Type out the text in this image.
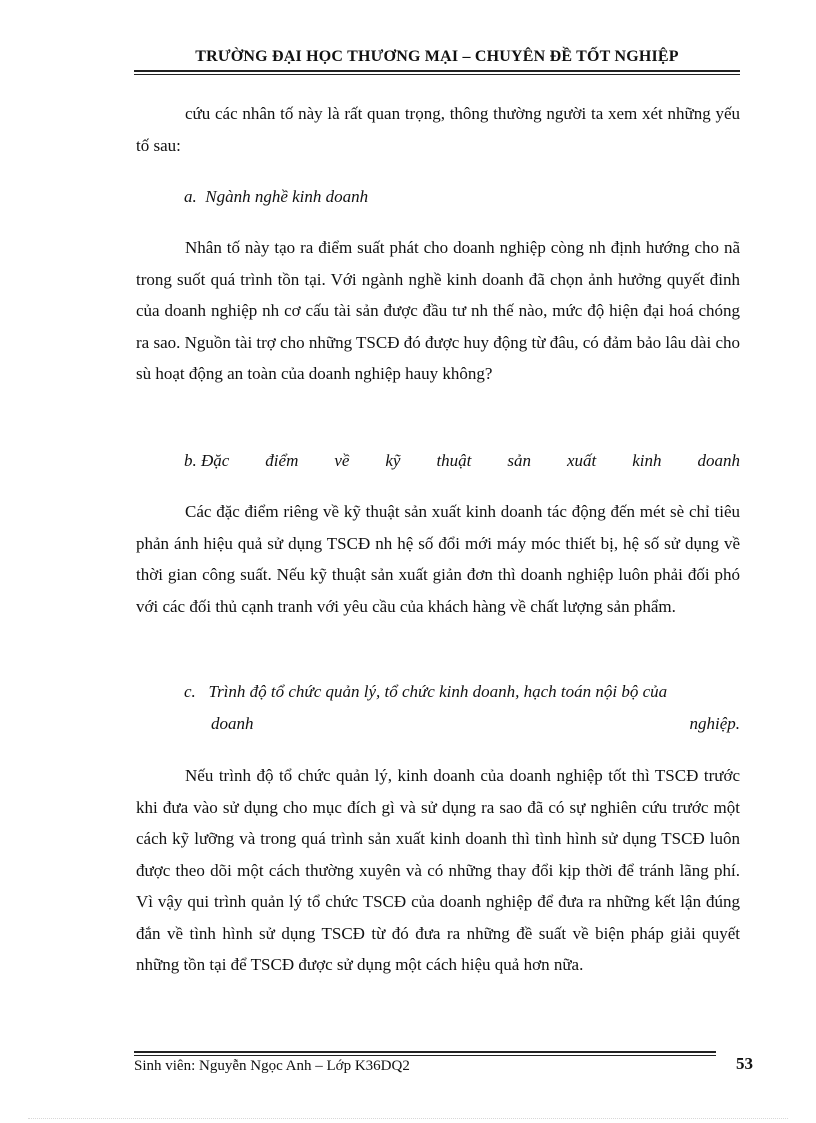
TRƯỜNG ĐẠI HỌC THƯƠNG MẠI – CHUYÊN ĐỀ TỐT NGHIỆP

cứu các nhân tố này là rất quan trọng, thông thường người ta xem xét những yếu tố sau:

a. Ngành nghề kinh doanh

Nhân tố này tạo ra điểm suất phát cho doanh nghiệp còng nh định hướng cho nã trong suốt quá trình tồn tại. Với ngành nghề kinh doanh đã chọn ảnh hưởng quyết đinh của doanh nghiệp nh cơ cấu tài sản được đầu tư nh thế nào, mức độ hiện đại hoá chóng ra sao. Nguồn tài trợ cho những TSCĐ đó được huy động từ đâu, có đảm bảo lâu dài cho sù hoạt động an toàn của doanh nghiệp hauy không?

b. Đặc điểm về kỹ thuật sản xuất kinh doanh

Các đặc điểm riêng về kỹ thuật sản xuất kinh doanh tác động đến mét sè chỉ tiêu phản ánh hiệu quả sử dụng TSCĐ nh hệ số đổi mới máy móc thiết bị, hệ số sử dụng về thời gian công suất. Nếu kỹ thuật sản xuất giản đơn thì doanh nghiệp luôn phải đối phó với các đối thủ cạnh tranh với yêu cầu của khách hàng về chất lượng sản phẩm.

c. Trình độ tổ chức quản lý, tổ chức kinh doanh, hạch toán nội bộ của
doanh	nghiệp.

Nếu trình độ tổ chức quản lý, kinh doanh của doanh nghiệp tốt thì TSCĐ trước khi đưa vào sử dụng cho mục đích gì và sử dụng ra sao đã có sự nghiên cứu trước một cách kỹ lưỡng và trong quá trình sản xuất kinh doanh thì tình hình sử dụng TSCĐ luôn được theo dõi một cách thường xuyên và có những thay đổi kịp thời để tránh lãng phí. Vì vậy qui trình quản lý tổ chức TSCĐ của doanh nghiệp để đưa ra những kết lận đúng đắn về tình hình sử dụng TSCĐ từ đó đưa ra những đề suất về biện pháp giải quyết những tồn tại để TSCĐ được sử dụng một cách hiệu quả hơn nữa.

Sinh viên: Nguyễn Ngọc Anh – Lớp K36DQ2	53
